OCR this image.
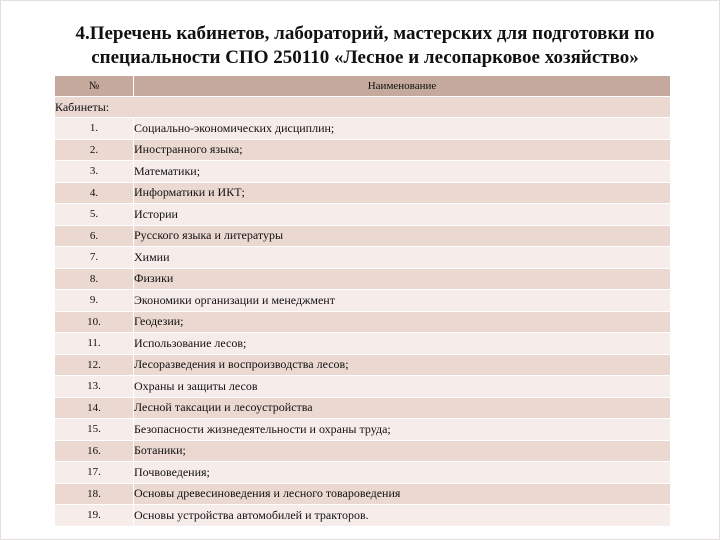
4.Перечень кабинетов, лабораторий, мастерских для подготовки по специальности СПО 250110 «Лесное и лесопарковое хозяйство»
№	Наименование
Кабинеты:	
1.	Социально-экономических дисциплин;
2.	Иностранного языка;
3.	Математики;
4.	Информатики и ИКТ;
5.	Истории
6.	Русского языка и литературы
7.	Химии
8.	Физики
9.	Экономики организации и менеджмент
10.	Геодезии;
11.	Использование лесов;
12.	Лесоразведения и воспроизводства лесов;
13.	Охраны и защиты лесов
14.	Лесной таксации и лесоустройства
15.	Безопасности жизнедеятельности и охраны труда;
16.	Ботаники;
17.	Почвоведения;
18.	Основы древесиноведения и лесного товароведения
19.	Основы устройства автомобилей и тракторов.
